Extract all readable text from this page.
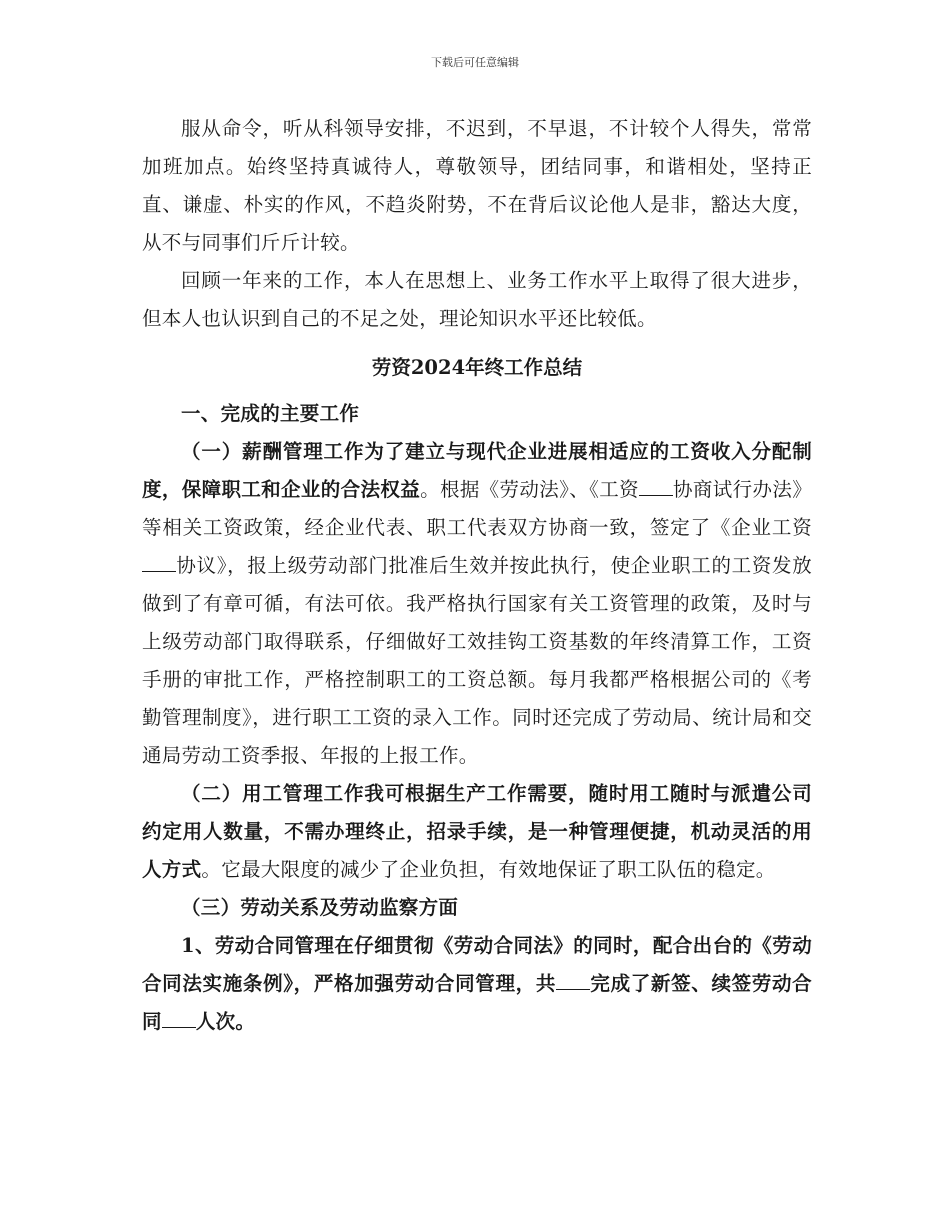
下载后可任意编辑

服从命令，听从科领导安排，不迟到，不早退，不计较个人得失，常常加班加点。始终坚持真诚待人，尊敬领导，团结同事，和谐相处，坚持正直、谦虚、朴实的作风，不趋炎附势，不在背后议论他人是非，豁达大度，从不与同事们斤斤计较。

回顾一年来的工作，本人在思想上、业务工作水平上取得了很大进步，但本人也认识到自己的不足之处，理论知识水平还比较低。

劳资2024年终工作总结

一、完成的主要工作

（一）薪酬管理工作为了建立与现代企业进展相适应的工资收入分配制度，保障职工和企业的合法权益。根据《劳动法》、《工资 协商试行办法》等相关工资政策，经企业代表、职工代表双方协商一致，签定了《企业工资协议》，报上级劳动部门批准后生效并按此执行，使企业职工的工资发放做到了有章可循，有法可依。我严格执行国家有关工资管理的政策，及时与上级劳动部门取得联系，仔细做好工效挂钩工资基数的年终清算工作，工资手册的审批工作，严格控制职工的工资总额。每月我都严格根据公司的《考勤管理制度》，进行职工工资的录入工作。同时还完成了劳动局、统计局和交通局劳动工资季报、年报的上报工作。

（二）用工管理工作我可根据生产工作需要，随时用工随时与派遣公司约定用人数量，不需办理终止，招录手续，是一种管理便捷，机动灵活的用人方式。它最大限度的减少了企业负担，有效地保证了职工队伍的稳定。

（三）劳动关系及劳动监察方面

1、劳动合同管理在仔细贯彻《劳动合同法》的同时，配合出台的《劳动合同法实施条例》，严格加强劳动合同管理，共 完成了新签、续签劳动合同 人次。
